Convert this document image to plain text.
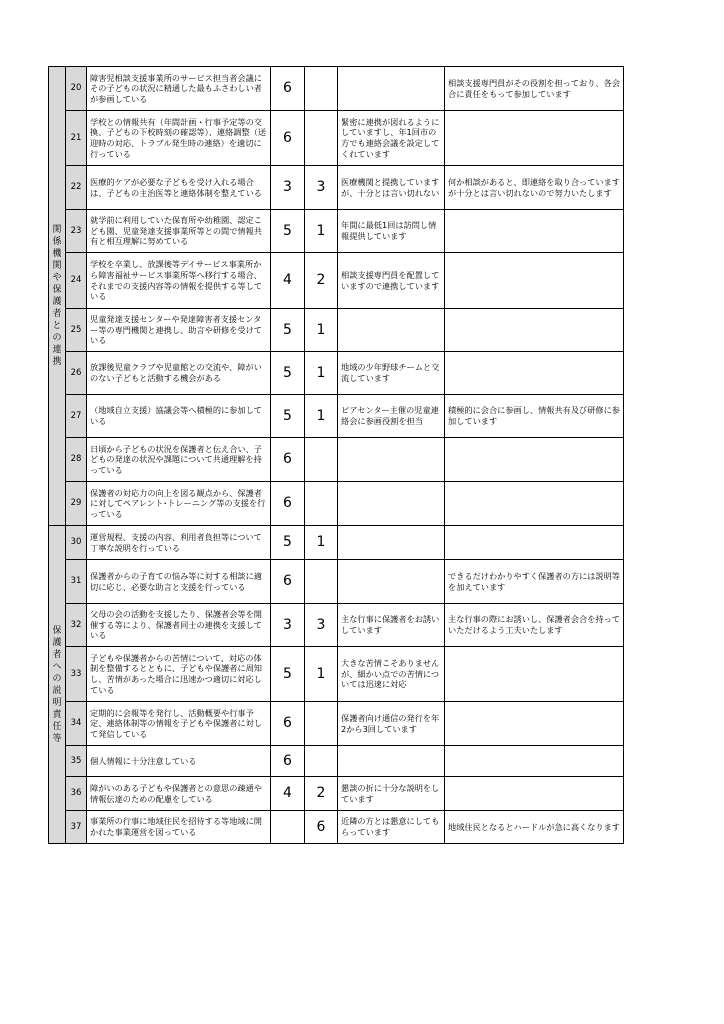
関係機関や保護者との連携	20	障害児相談支援事業所のサービス担当者会議にその子どもの状況に精通した最もふさわしい者が参画している	6			相談支援専門員がその役割を担っており、各会合に責任をもって参加しています
	21	学校との情報共有（年間計画・行事予定等の交換、子どもの下校時刻の確認等）、連絡調整（送迎時の対応、トラブル発生時の連絡）を適切に行っている	6		緊密に連携が図れるようにしていますし、年1回市の方でも連絡会議を設定してくれています	
	22	医療的ケアが必要な子どもを受け入れる場合は、子どもの主治医等と連絡体制を整えている	3	3	医療機関と提携していますが、十分とは言い切れない	何か相談があると、即連絡を取り合っていますが十分とは言い切れないので努力いたします
	23	就学前に利用していた保育所や幼稚園、認定こども園、児童発達支援事業所等との間で情報共有と相互理解に努めている	5	1	年間に最低1回は訪問し情報提供しています	
	24	学校を卒業し、放課後等デイサービス事業所から障害福祉サービス事業所等へ移行する場合、それまでの支援内容等の情報を提供する等している	4	2	相談支援専門員を配置していますので連携しています	
	25	児童発達支援センターや発達障害者支援センター等の専門機関と連携し、助言や研修を受けている	5	1		
	26	放課後児童クラブや児童館との交流や、障がいのない子どもと活動する機会がある	5	1	地域の少年野球チームと交流しています	
	27	（地域自立支援）協議会等へ積極的に参加している	5	1	ピアセンター主催の児童連絡会に参画役割を担当	積極的に会合に参画し、情報共有及び研修に参加しています
	28	日頃から子どもの状況を保護者と伝え合い、子どもの発達の状況や課題について共通理解を持っている	6			
	29	保護者の対応力の向上を図る観点から、保護者に対してペアレント･トレーニング等の支援を行っている	6			
保護者への説明責任等	30	運営規程、支援の内容、利用者負担等について丁寧な説明を行っている	5	1		
	31	保護者からの子育ての悩み等に対する相談に適切に応じ、必要な助言と支援を行っている	6			できるだけわかりやすく保護者の方には説明等を加えています
	32	父母の会の活動を支援したり、保護者会等を開催する等により、保護者同士の連携を支援している	3	3	主な行事に保護者をお誘いしています	主な行事の際にお誘いし、保護者会合を持っていただけるよう工夫いたします
	33	子どもや保護者からの苦情について、対応の体制を整備するとともに、子どもや保護者に周知し、苦情があった場合に迅速かつ適切に対応している	5	1	大きな苦情こそありませんが、細かい点での苦情については迅速に対応	
	34	定期的に会報等を発行し、活動概要や行事予定、連絡体制等の情報を子どもや保護者に対して発信している	6		保護者向け通信の発行を年2から3回しています	
	35	個人情報に十分注意している	6			
	36	障がいのある子どもや保護者との意思の疎通や情報伝達のための配慮をしている	4	2	懇談の折に十分な説明をしています	
	37	事業所の行事に地域住民を招待する等地域に開かれた事業運営を図っている		6	近隣の方とは懇意にしてもらっています	地域住民となるとハードルが急に高くなります
